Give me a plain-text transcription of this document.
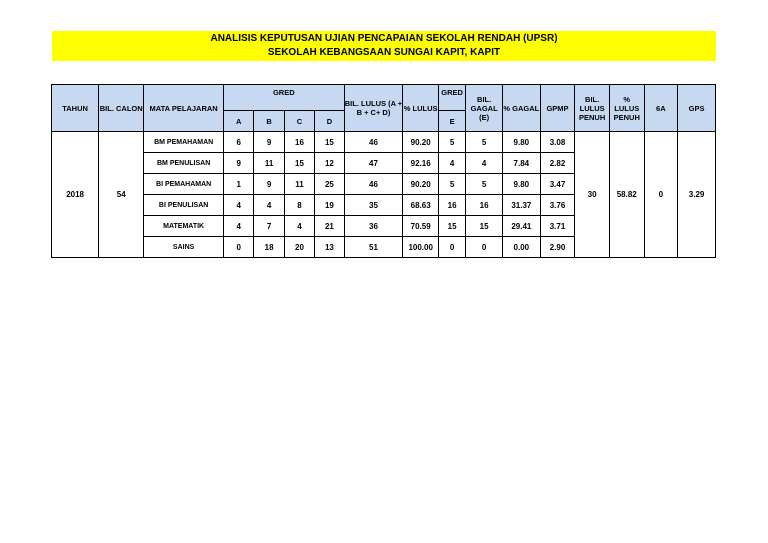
ANALISIS KEPUTUSAN UJIAN PENCAPAIAN SEKOLAH RENDAH (UPSR)
SEKOLAH KEBANGSAAN SUNGAI KAPIT, KAPIT
TAHUN	BIL. CALON	MATA PELAJARAN	GRED				BIL. LULUS (A + B + C+ D)	% LULUS	GRED	BIL. GAGAL (E)	% GAGAL	GPMP	BIL. LULUS PENUH	% LULUS PENUH	6A	GPS
			A	B	C	D			E							
2018	54	BM PEMAHAMAN	6	9	16	15	46	90.20	5	5	9.80	3.08	30	58.82	0	3.29
		BM PENULISAN	9	11	15	12	47	92.16	4	4	7.84	2.82				
		BI PEMAHAMAN	1	9	11	25	46	90.20	5	5	9.80	3.47				
		BI PENULISAN	4	4	8	19	35	68.63	16	16	31.37	3.76				
		MATEMATIK	4	7	4	21	36	70.59	15	15	29.41	3.71				
		SAINS	0	18	20	13	51	100.00	0	0	0.00	2.90				
